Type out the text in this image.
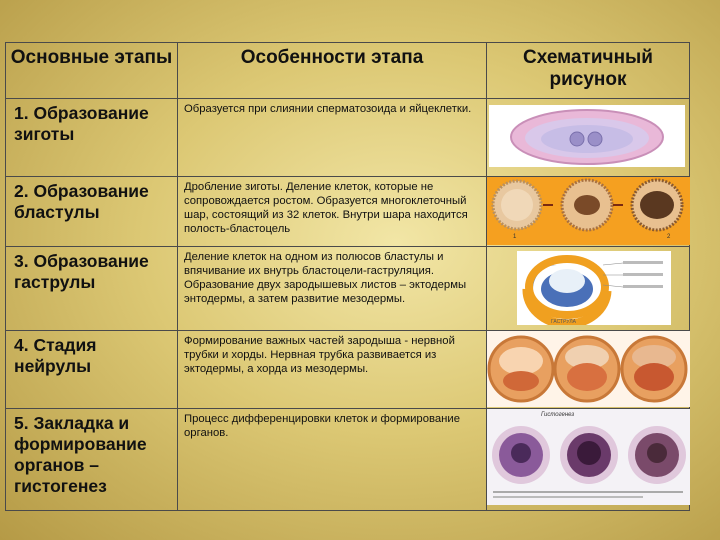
Основные этапы	Особенности этапа	Схематичный рисунок
1. Образование зиготы	Образуется при слиянии сперматозоида и яйцеклетки.	

2. Образование бластулы	Дробление зиготы. Деление клеток, которые не сопровождается ростом. Образуется многоклеточный шар, состоящий из 32 клеток. Внутри шара находится полость-бластоцель	1 2

3. Образование гаструлы	Деление клеток на одном из полюсов бластулы и впячивание их внутрь бластоцели-гаструляция. Образование двух зародышевых листов – эктодермы энтодермы, а затем развитие мезодермы.	ГАСТРУЛА

4. Стадия нейрулы	Формирование важных частей зародыша - нервной трубки и хорды. Нервная трубка развивается из эктодермы, а хорда из мезодермы.	

5. Закладка и формирование органов – гистогенез	Процесс дифференцировки клеток и формирование органов.	Гистогенез
